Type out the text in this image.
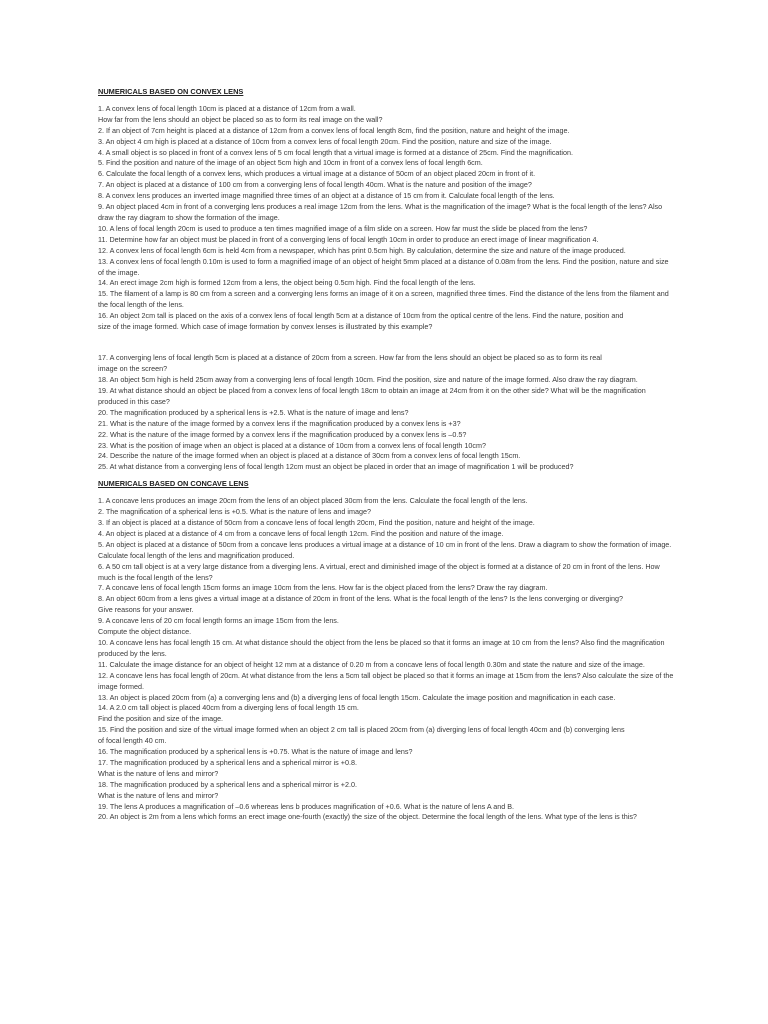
NUMERICALS BASED ON CONVEX LENS

1. A convex lens of focal length 10cm is placed at a distance of 12cm from a wall.

How far from the lens should an object be placed so as to form its real image on the wall?

2. If an object of 7cm height is placed at a distance of 12cm from a convex lens of focal length 8cm, find the position, nature and height of the image.

3. An object 4 cm high is placed at a distance of 10cm from a convex lens of focal length 20cm. Find the position, nature and size of the image.

4. A small object is so placed in front of a convex lens of 5 cm focal length that a virtual image is formed at a distance of 25cm. Find the magnification.

5. Find the position and nature of the image of an object 5cm high and 10cm in front of a convex lens of focal length 6cm.

6. Calculate the focal length of a convex lens, which produces a virtual image at a distance of 50cm of an object placed 20cm in front of it.

7. An object is placed at a distance of 100 cm from a converging lens of focal length 40cm. What is the nature and position of the image?

8. A convex lens produces an inverted image magnified three times of an object at a distance of 15 cm from it. Calculate focal length of the lens.

9. An object placed 4cm in front of a converging lens produces a real image 12cm from the lens. What is the magnification of the image? What is the focal length of the lens? Also draw the ray diagram to show the formation of the image.

10. A lens of focal length 20cm is used to produce a ten times magnified image of a film slide on a screen. How far must the slide be placed from the lens?

11. Determine how far an object must be placed in front of a converging lens of focal length 10cm in order to produce an erect image of linear magnification 4.

12. A convex lens of focal length 6cm is held 4cm from a newspaper, which has print 0.5cm high. By calculation, determine the size and nature of the image produced.

13. A convex lens of focal length 0.10m is used to form a magnified image of an object of height 5mm placed at a distance of 0.08m from the lens. Find the position, nature and size of the image.

14. An erect image 2cm high is formed 12cm from a lens, the object being 0.5cm high. Find the focal length of the lens.

15. The filament of a lamp is 80 cm from a screen and a converging lens forms an image of it on a screen, magnified three times. Find the distance of the lens from the filament and the focal length of the lens.

16. An object 2cm tall is placed on the axis of a convex lens of focal length 5cm at a distance of 10cm from the optical centre of the lens. Find the nature, position and

size of the image formed. Which case of image formation by convex lenses is illustrated by this example?

17. A converging lens of focal length 5cm is placed at a distance of 20cm from a screen. How far from the lens should an object be placed so as to form its real

image on the screen?

18. An object 5cm high is held 25cm away from a converging lens of focal length 10cm. Find the position, size and nature of the image formed. Also draw the ray diagram.

19. At what distance should an object be placed from a convex lens of focal length 18cm to obtain an image at 24cm from it on the other side? What will be the magnification produced in this case?

20. The magnification produced by a spherical lens is +2.5. What is the nature of image and lens?

21. What is the nature of the image formed by a convex lens if the magnification produced by a convex lens is +3?

22. What is the nature of the image formed by a convex lens if the magnification produced by a convex lens is –0.5?

23. What is the position of image when an object is placed at a distance of 10cm from a convex lens of focal length 10cm?

24. Describe the nature of the image formed when an object is placed at a distance of 30cm from a convex lens of focal length 15cm.

25. At what distance from a converging lens of focal length 12cm must an object be placed in order that an image of magnification 1 will be produced?

NUMERICALS BASED ON CONCAVE LENS

1. A concave lens produces an image 20cm from the lens of an object placed 30cm from the lens. Calculate the focal length of the lens.

2. The magnification of a spherical lens is +0.5. What is the nature of lens and image?

3. If an object is placed at a distance of 50cm from a concave lens of focal length 20cm, Find the position, nature and height of the image.

4. An object is placed at a distance of 4 cm from a concave lens of focal length 12cm. Find the position and nature of the image.

5. An object is placed at a distance of 50cm from a concave lens produces a virtual image at a distance of 10 cm in front of the lens. Draw a diagram to show the formation of image. Calculate focal length of the lens and magnification produced.

6. A 50 cm tall object is at a very large distance from a diverging lens. A virtual, erect and diminished image of the object is formed at a distance of 20 cm in front of the lens. How much is the focal length of the lens?

7. A concave lens of focal length 15cm forms an image 10cm from the lens. How far is the object placed from the lens? Draw the ray diagram.

8. An object 60cm from a lens gives a virtual image at a distance of 20cm in front of the lens. What is the focal length of the lens? Is the lens converging or diverging?

Give reasons for your answer.

9. A concave lens of 20 cm focal length forms an image 15cm from the lens.

Compute the object distance.

10. A concave lens has focal length 15 cm. At what distance should the object from the lens be placed so that it forms an image at 10 cm from the lens? Also find the magnification produced by the lens.

11. Calculate the image distance for an object of height 12 mm at a distance of 0.20 m from a concave lens of focal length 0.30m and state the nature and size of the image.

12. A concave lens has focal length of 20cm. At what distance from the lens a 5cm tall object be placed so that it forms an image at 15cm from the lens? Also calculate the size of the image formed.

13. An object is placed 20cm from (a) a converging lens and (b) a diverging lens of focal length 15cm. Calculate the image position and magnification in each case.

14. A 2.0 cm tall object is placed 40cm from a diverging lens of focal length 15 cm.

Find the position and size of the image.

15. Find the position and size of the virtual image formed when an object 2 cm tall is placed 20cm from (a) diverging lens of focal length 40cm and (b) converging lens

of focal length 40 cm.

16. The magnification produced by a spherical lens is +0.75. What is the nature of image and lens?

17. The magnification produced by a spherical lens and a spherical mirror is +0.8.

What is the nature of lens and mirror?

18. The magnification produced by a spherical lens and a spherical mirror is +2.0.

What is the nature of lens and mirror?

19. The lens A produces a magnification of –0.6 whereas lens b produces magnification of +0.6. What is the nature of lens A and B.

20. An object is 2m from a lens which forms an erect image one-fourth (exactly) the size of the object. Determine the focal length of the lens. What type of the lens is this?
